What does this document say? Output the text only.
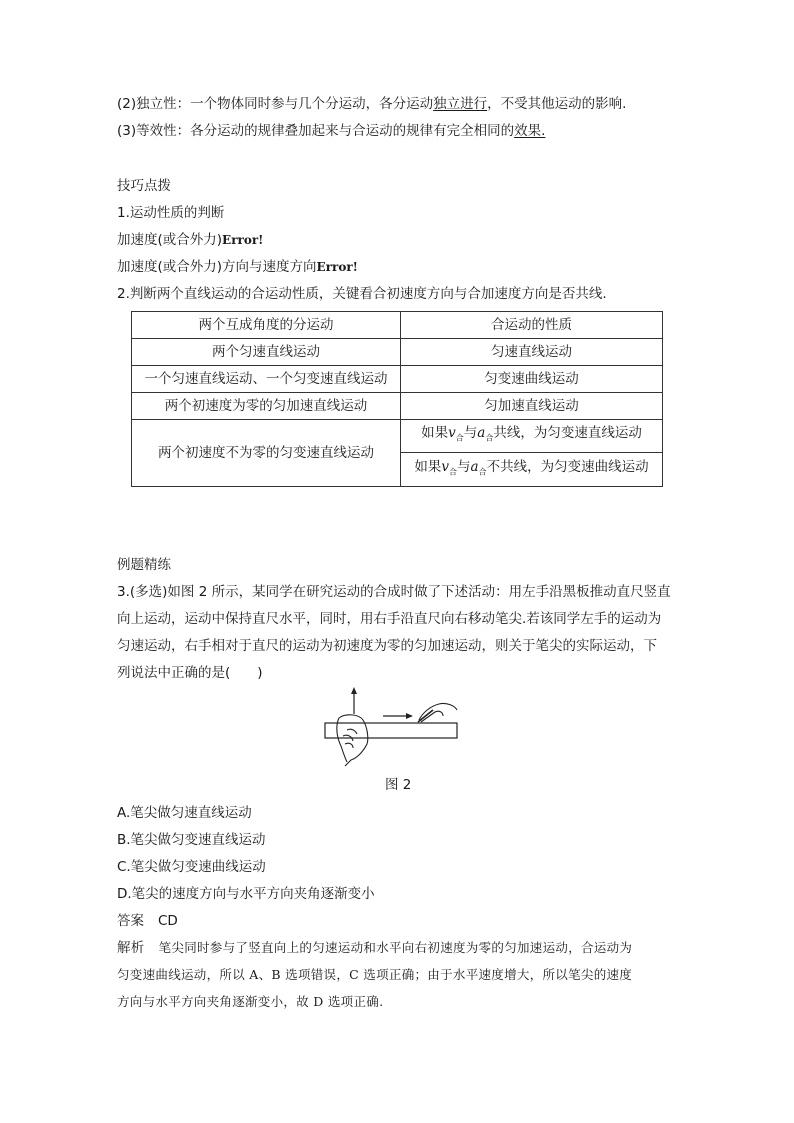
(2)独立性：一个物体同时参与几个分运动，各分运动独立进行，不受其他运动的影响.
(3)等效性：各分运动的规律叠加起来与合运动的规律有完全相同的效果.
技巧点拨
1.运动性质的判断
加速度(或合外力)Error!
加速度(或合外力)方向与速度方向Error!
2.判断两个直线运动的合运动性质，关键看合初速度方向与合加速度方向是否共线.
两个互成角度的分运动	合运动的性质
两个匀速直线运动	匀速直线运动
一个匀速直线运动、一个匀变速直线运动	匀变速曲线运动
两个初速度为零的匀加速直线运动	匀加速直线运动
两个初速度不为零的匀变速直线运动	如果$v_合$与$a_合$共线，为匀变速直线运动
	如果$v_合$与$a_合$不共线，为匀变速曲线运动
例题精练
3.(多选)如图 2 所示，某同学在研究运动的合成时做了下述活动：用左手沿黑板推动直尺竖直
向上运动，运动中保持直尺水平，同时，用右手沿直尺向右移动笔尖.若该同学左手的运动为
匀速运动，右手相对于直尺的运动为初速度为零的匀加速运动，则关于笔尖的实际运动，下
列说法中正确的是(　　)
图 2
A.笔尖做匀速直线运动
B.笔尖做匀变速直线运动
C.笔尖做匀变速曲线运动
D.笔尖的速度方向与水平方向夹角逐渐变小
答案 CD
解析 笔尖同时参与了竖直向上的匀速运动和水平向右初速度为零的匀加速运动，合运动为
匀变速曲线运动，所以 A、B 选项错误，C 选项正确；由于水平速度增大，所以笔尖的速度
方向与水平方向夹角逐渐变小，故 D 选项正确.
